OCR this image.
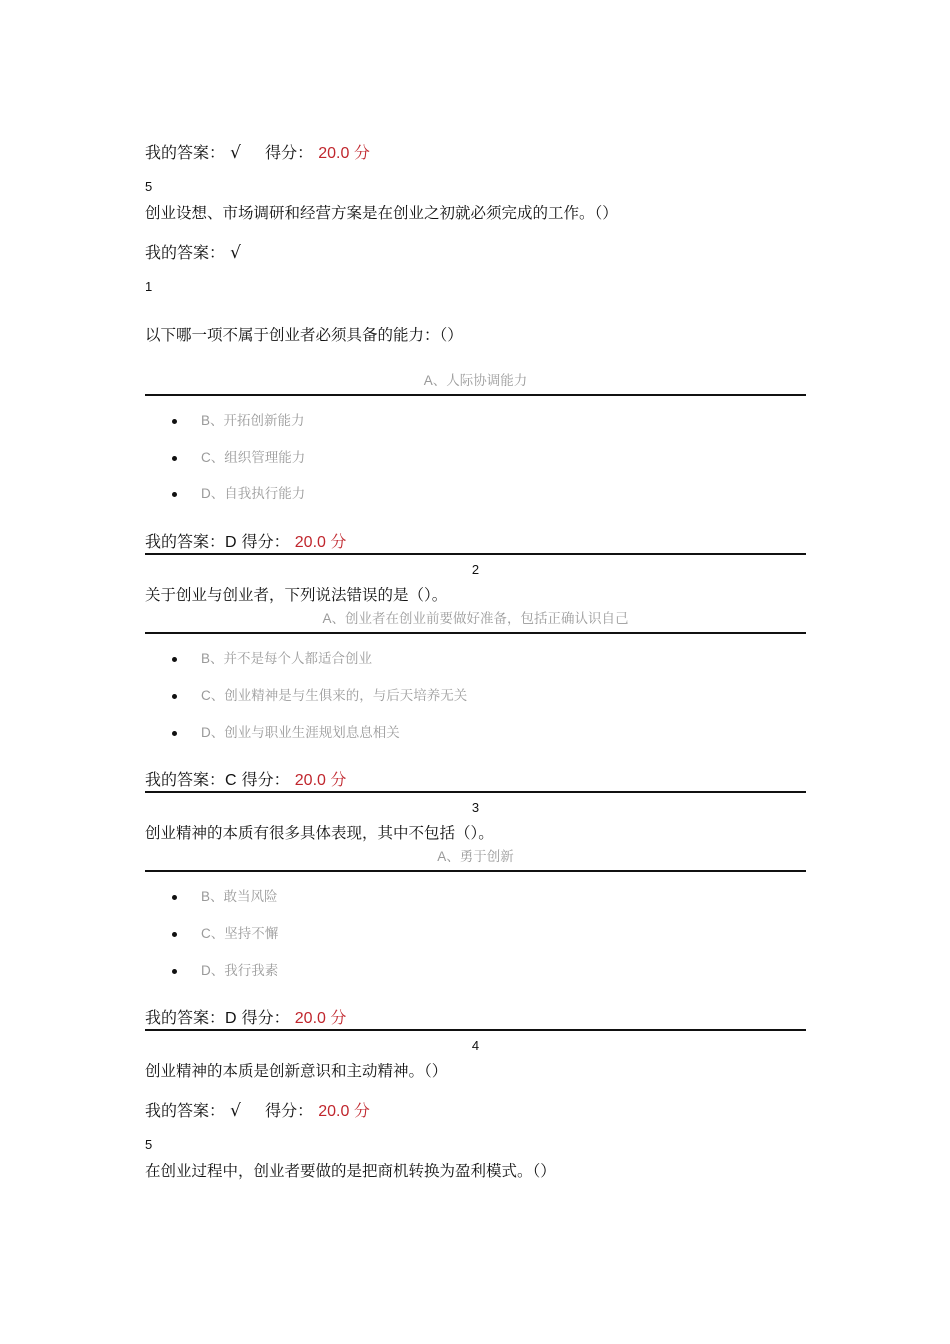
我的答案： √ 得分： 20.0 分
5
创业设想、市场调研和经营方案是在创业之初就必须完成的工作。（）
我的答案： √
1
以下哪一项不属于创业者必须具备的能力：（）
A、人际协调能力
B、开拓创新能力
C、组织管理能力
D、自我执行能力
我的答案：D 得分： 20.0 分
2
关于创业与创业者，下列说法错误的是（）。
A、创业者在创业前要做好准备，包括正确认识自己
B、并不是每个人都适合创业
C、创业精神是与生俱来的，与后天培养无关
D、创业与职业生涯规划息息相关
我的答案：C 得分： 20.0 分
3
创业精神的本质有很多具体表现，其中不包括（）。
A、勇于创新
B、敢当风险
C、坚持不懈
D、我行我素
我的答案：D 得分： 20.0 分
4
创业精神的本质是创新意识和主动精神。（）
我的答案： √ 得分： 20.0 分
5
在创业过程中，创业者要做的是把商机转换为盈利模式。（）
